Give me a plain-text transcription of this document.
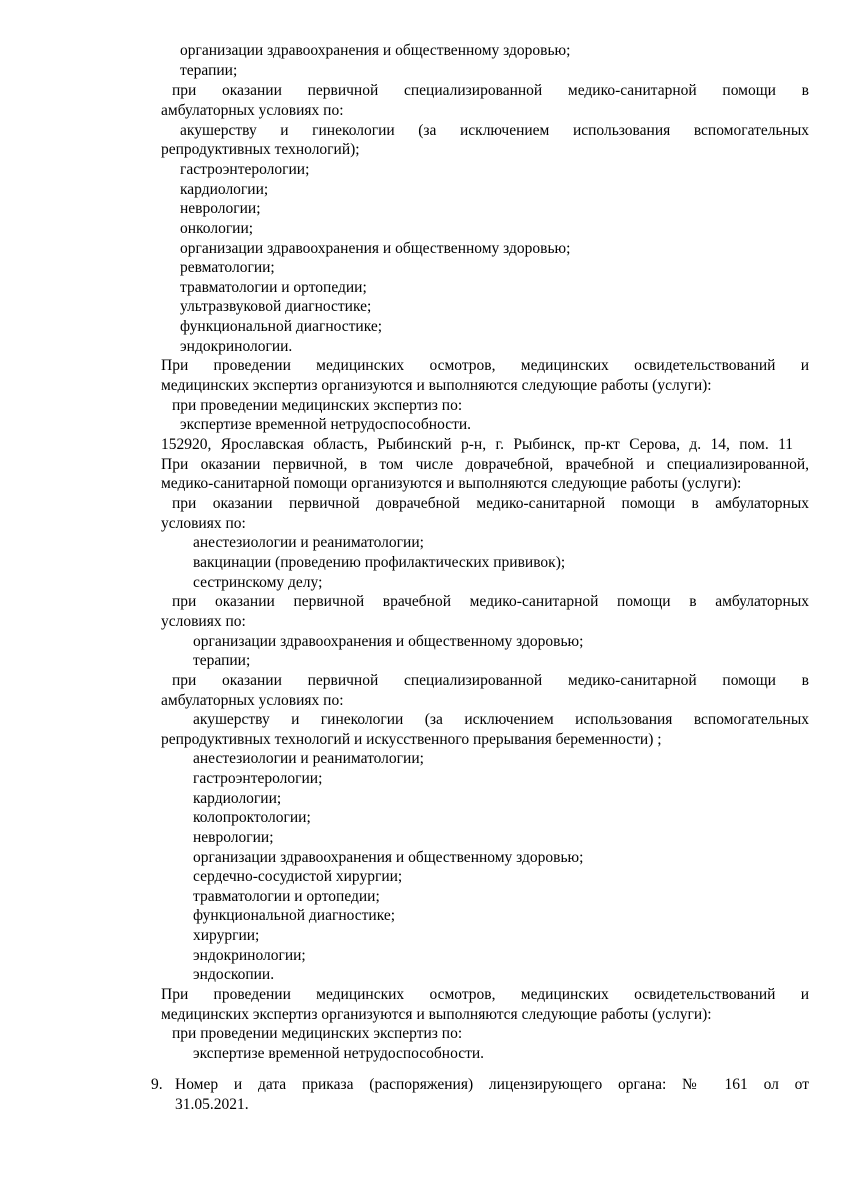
организации здравоохранения и общественному здоровью;
терапии;
при оказании первичной специализированной медико-санитарной помощи в
амбулаторных условиях по:
акушерству и гинекологии (за исключением использования вспомогательных
репродуктивных технологий);
гастроэнтерологии;
кардиологии;
неврологии;
онкологии;
организации здравоохранения и общественному здоровью;
ревматологии;
травматологии и ортопедии;
ультразвуковой диагностике;
функциональной диагностике;
эндокринологии.
При проведении медицинских осмотров, медицинских освидетельствований и
медицинских экспертиз организуются и выполняются следующие работы (услуги):
при проведении медицинских экспертиз по:
экспертизе временной нетрудоспособности.
152920, Ярославская область, Рыбинский р-н, г. Рыбинск, пр-кт Серова, д. 14, пом. 11
При оказании первичной, в том числе доврачебной, врачебной и специализированной,
медико-санитарной помощи организуются и выполняются следующие работы (услуги):
при оказании первичной доврачебной медико-санитарной помощи в амбулаторных
условиях по:
анестезиологии и реаниматологии;
вакцинации (проведению профилактических прививок);
сестринскому делу;
при оказании первичной врачебной медико-санитарной помощи в амбулаторных
условиях по:
организации здравоохранения и общественному здоровью;
терапии;
при оказании первичной специализированной медико-санитарной помощи в
амбулаторных условиях по:
акушерству и гинекологии (за исключением использования вспомогательных
репродуктивных технологий и искусственного прерывания беременности) ;
анестезиологии и реаниматологии;
гастроэнтерологии;
кардиологии;
колопроктологии;
неврологии;
организации здравоохранения и общественному здоровью;
сердечно-сосудистой хирургии;
травматологии и ортопедии;
функциональной диагностике;
хирургии;
эндокринологии;
эндоскопии.
При проведении медицинских осмотров, медицинских освидетельствований и
медицинских экспертиз организуются и выполняются следующие работы (услуги):
при проведении медицинских экспертиз по:
экспертизе временной нетрудоспособности.
9. Номер и дата приказа (распоряжения) лицензирующего органа: № 161 ол от
31.05.2021.
